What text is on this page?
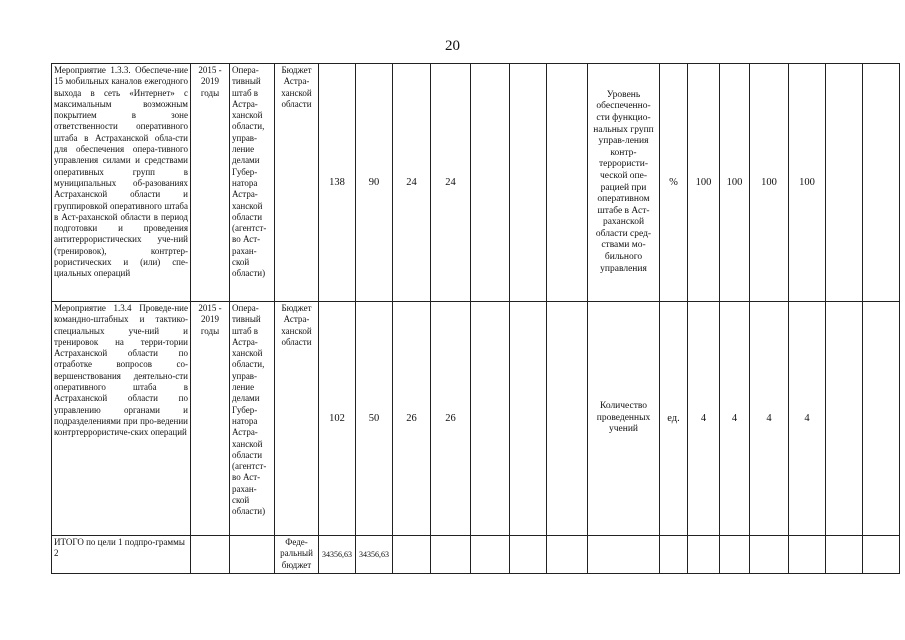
20
Мероприятие 1.3.3. Обеспече-ние 15 мобильных каналов ежегодного выхода в сеть «Интернет» с максимальным возможным покрытием в зоне ответственности оперативного штаба в Астраханской обла-сти для обеспечения опера-тивного управления силами и средствами оперативных групп в муниципальных об-разованиях Астраханской области и группировкой оперативного штаба в Аст-раханской области в период подготовки и проведения антитеррористических уче-ний (тренировок), контртер-рористических и (или) спе-циальных операций	2015 - 2019 годы	Опера-тивный штаб в Астра-ханской области, управ-ление делами Губер-натора Астра-ханской области (агентст-во Аст-рахан-ской области)	Бюджет Астра-ханской области	138	90	24	24				Уровень обеспеченно-сти функцио-нальных групп управ-ления контр-террористи-ческой опе-рацией при оперативном штабе в Аст-раханской области сред-ствами мо-бильного управления	%	100	100	100	100		
Мероприятие 1.3.4 Проведе-ние командно-штабных и тактико-специальных уче-ний и тренировок на терри-тории Астраханской области по отработке вопросов со-вершенствования деятельно-сти оперативного штаба в Астраханской области по управлению органами и подразделениями при про-ведении контртеррористиче-ских операций	2015 - 2019 годы	Опера-тивный штаб в Астра-ханской области, управ-ление делами Губер-натора Астра-ханской области (агентст-во Аст-рахан-ской области)	Бюджет Астра-ханской области	102	50	26	26				Количество проведенных учений	ед.	4	4	4	4		
ИТОГО по цели 1 подпро-граммы 2			Феде-ральный бюджет	34356,63	34356,63													
